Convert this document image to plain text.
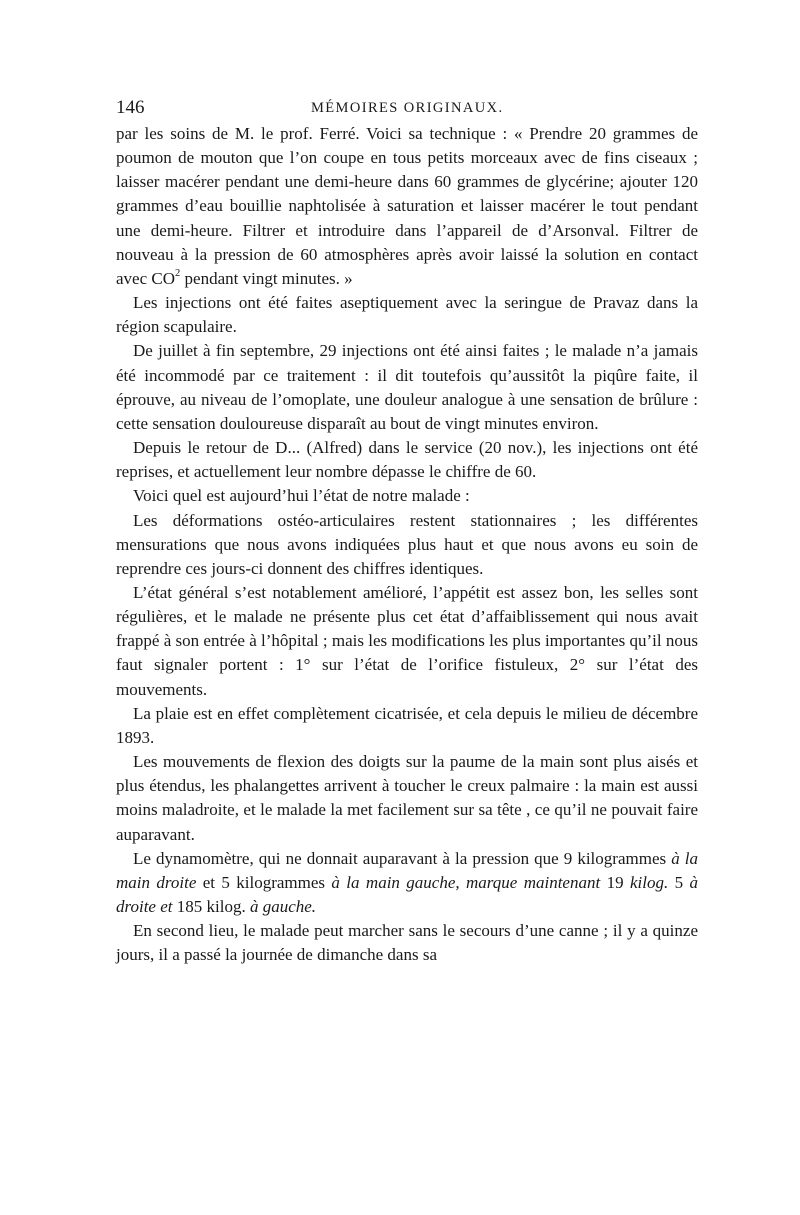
146	MÉMOIRES ORIGINAUX.

par les soins de M. le prof. Ferré. Voici sa technique : « Prendre 20 grammes de poumon de mouton que l’on coupe en tous petits morceaux avec de fins ciseaux ; laisser macérer pendant une demi-heure dans 60 grammes de glycérine; ajouter 120 grammes d’eau bouillie naphtolisée à saturation et laisser macérer le tout pendant une demi-heure. Filtrer et introduire dans l’appareil de d’Arsonval. Filtrer de nouveau à la pression de 60 atmosphères après avoir laissé la solution en contact avec $CO^2$ pendant vingt minutes. »

Les injections ont été faites aseptiquement avec la seringue de Pravaz dans la région scapulaire.

De juillet à fin septembre, 29 injections ont été ainsi faites ; le malade n’a jamais été incommodé par ce traitement : il dit toutefois qu’aussitôt la piqûre faite, il éprouve, au niveau de l’omoplate, une douleur analogue à une sensation de brûlure : cette sensation douloureuse disparaît au bout de vingt minutes environ.

Depuis le retour de D... (Alfred) dans le service (20 nov.), les injections ont été reprises, et actuellement leur nombre dépasse le chiffre de 60.

Voici quel est aujourd’hui l’état de notre malade :

Les déformations ostéo-articulaires restent stationnaires ; les différentes mensurations que nous avons indiquées plus haut et que nous avons eu soin de reprendre ces jours-ci donnent des chiffres identiques.

L’état général s’est notablement amélioré, l’appétit est assez bon, les selles sont régulières, et le malade ne présente plus cet état d’affaiblissement qui nous avait frappé à son entrée à l’hôpital ; mais les modifications les plus importantes qu’il nous faut signaler portent : 1° sur l’état de l’orifice fistuleux, 2° sur l’état des mouvements.

La plaie est en effet complètement cicatrisée, et cela depuis le milieu de décembre 1893.

Les mouvements de flexion des doigts sur la paume de la main sont plus aisés et plus étendus, les phalangettes arrivent à toucher le creux palmaire : la main est aussi moins maladroite, et le malade la met facilement sur sa tête , ce qu’il ne pouvait faire auparavant.

Le dynamomètre, qui ne donnait auparavant à la pression que 9 kilogrammes à la main droite et 5 kilogrammes à la main gauche, marque maintenant 19 kilog. 5 à droite et 185 kilog. à gauche.

En second lieu, le malade peut marcher sans le secours d’une canne ; il y a quinze jours, il a passé la journée de dimanche dans sa
